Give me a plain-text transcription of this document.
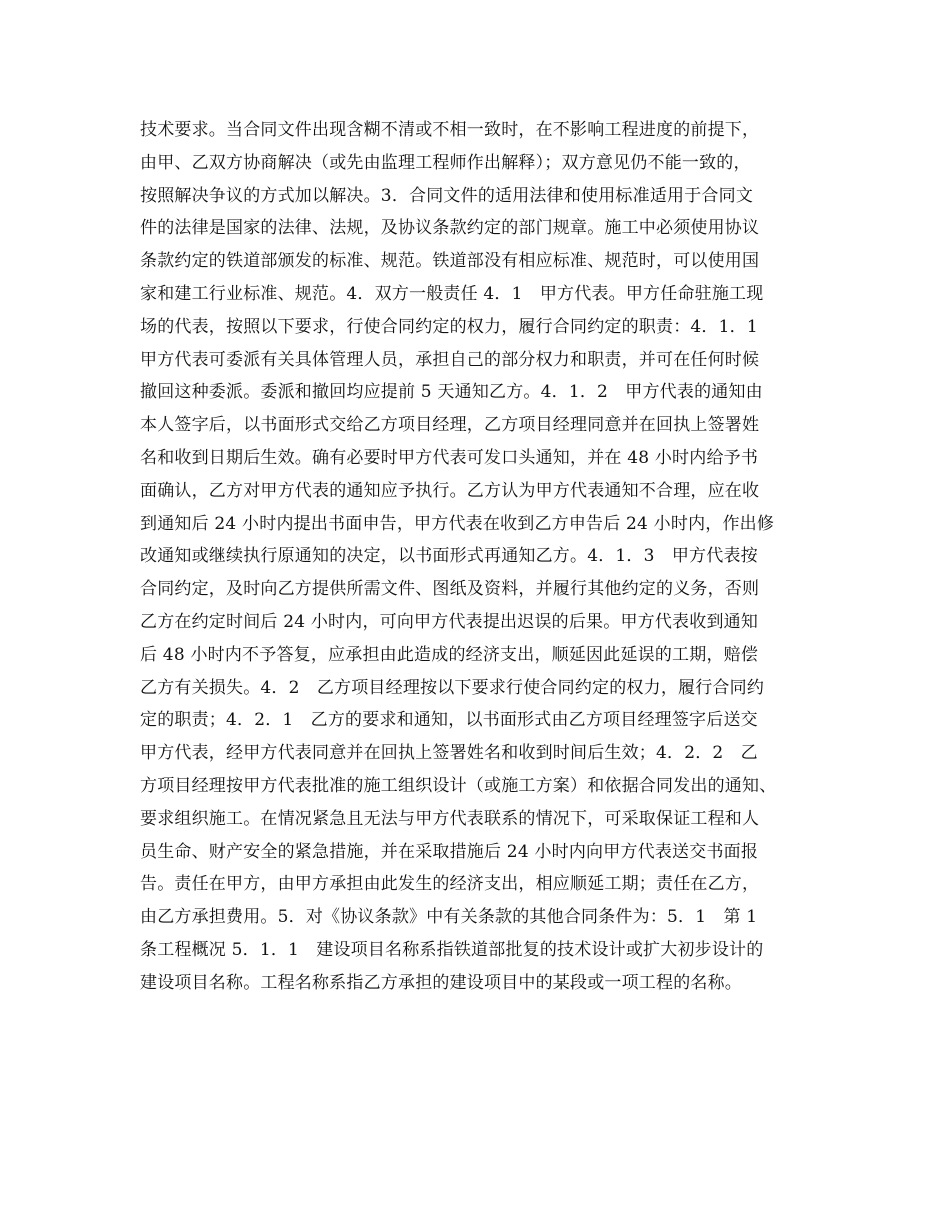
技术要求。当合同文件出现含糊不清或不相一致时，在不影响工程进度的前提下，
由甲、乙双方协商解决（或先由监理工程师作出解释）；双方意见仍不能一致的，
按照解决争议的方式加以解决。3．合同文件的适用法律和使用标准适用于合同文
件的法律是国家的法律、法规，及协议条款约定的部门规章。施工中必须使用协议
条款约定的铁道部颁发的标准、规范。铁道部没有相应标准、规范时，可以使用国
家和建工行业标准、规范。4．双方一般责任 4．1　甲方代表。甲方任命驻施工现
场的代表，按照以下要求，行使合同约定的权力，履行合同约定的职责：4．1．1
甲方代表可委派有关具体管理人员，承担自己的部分权力和职责，并可在任何时候
撤回这种委派。委派和撤回均应提前 5 天通知乙方。4．1．2　甲方代表的通知由
本人签字后，以书面形式交给乙方项目经理，乙方项目经理同意并在回执上签署姓
名和收到日期后生效。确有必要时甲方代表可发口头通知，并在 48 小时内给予书
面确认，乙方对甲方代表的通知应予执行。乙方认为甲方代表通知不合理，应在收
到通知后 24 小时内提出书面申告，甲方代表在收到乙方申告后 24 小时内，作出修
改通知或继续执行原通知的决定，以书面形式再通知乙方。4．1．3　甲方代表按
合同约定，及时向乙方提供所需文件、图纸及资料，并履行其他约定的义务，否则
乙方在约定时间后 24 小时内，可向甲方代表提出迟误的后果。甲方代表收到通知
后 48 小时内不予答复，应承担由此造成的经济支出，顺延因此延误的工期，赔偿
乙方有关损失。4．2　乙方项目经理按以下要求行使合同约定的权力，履行合同约
定的职责；4．2．1　乙方的要求和通知，以书面形式由乙方项目经理签字后送交
甲方代表，经甲方代表同意并在回执上签署姓名和收到时间后生效；4．2．2　乙
方项目经理按甲方代表批准的施工组织设计（或施工方案）和依据合同发出的通知、
要求组织施工。在情况紧急且无法与甲方代表联系的情况下，可采取保证工程和人
员生命、财产安全的紧急措施，并在采取措施后 24 小时内向甲方代表送交书面报
告。责任在甲方，由甲方承担由此发生的经济支出，相应顺延工期；责任在乙方，
由乙方承担费用。5．对《协议条款》中有关条款的其他合同条件为：5．1　第 1
条工程概况 5．1．1　建设项目名称系指铁道部批复的技术设计或扩大初步设计的
建设项目名称。工程名称系指乙方承担的建设项目中的某段或一项工程的名称。
